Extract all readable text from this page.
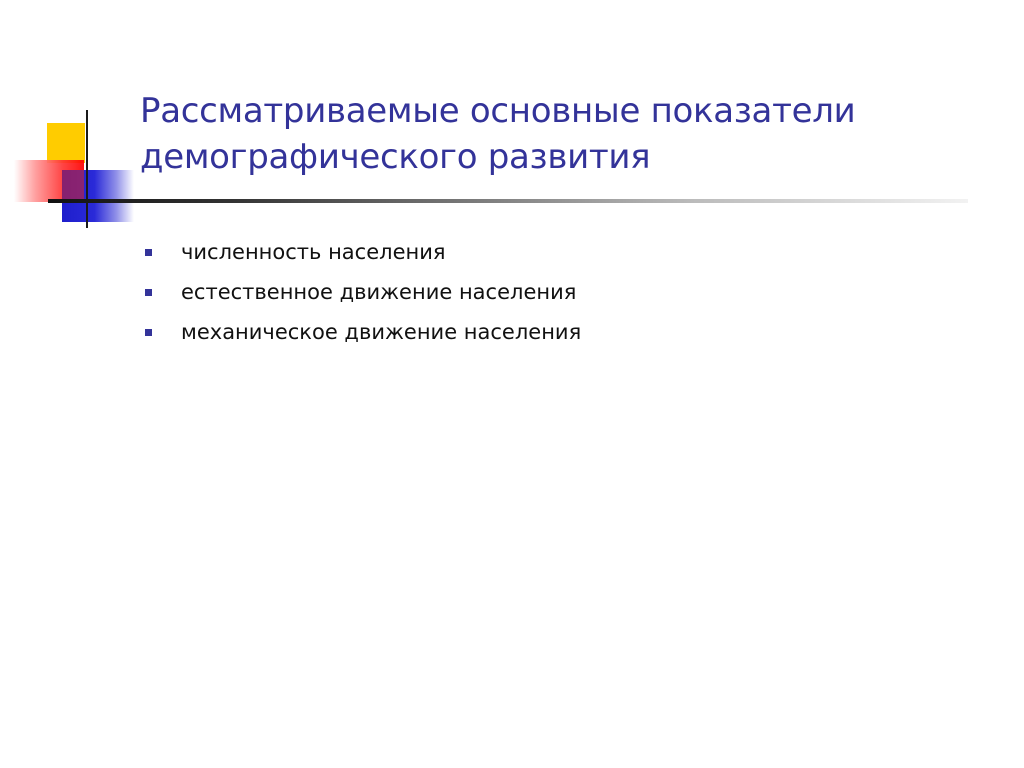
Рассматриваемые основные показатели демографического развития
численность населения
естественное движение населения
механическое движение населения
